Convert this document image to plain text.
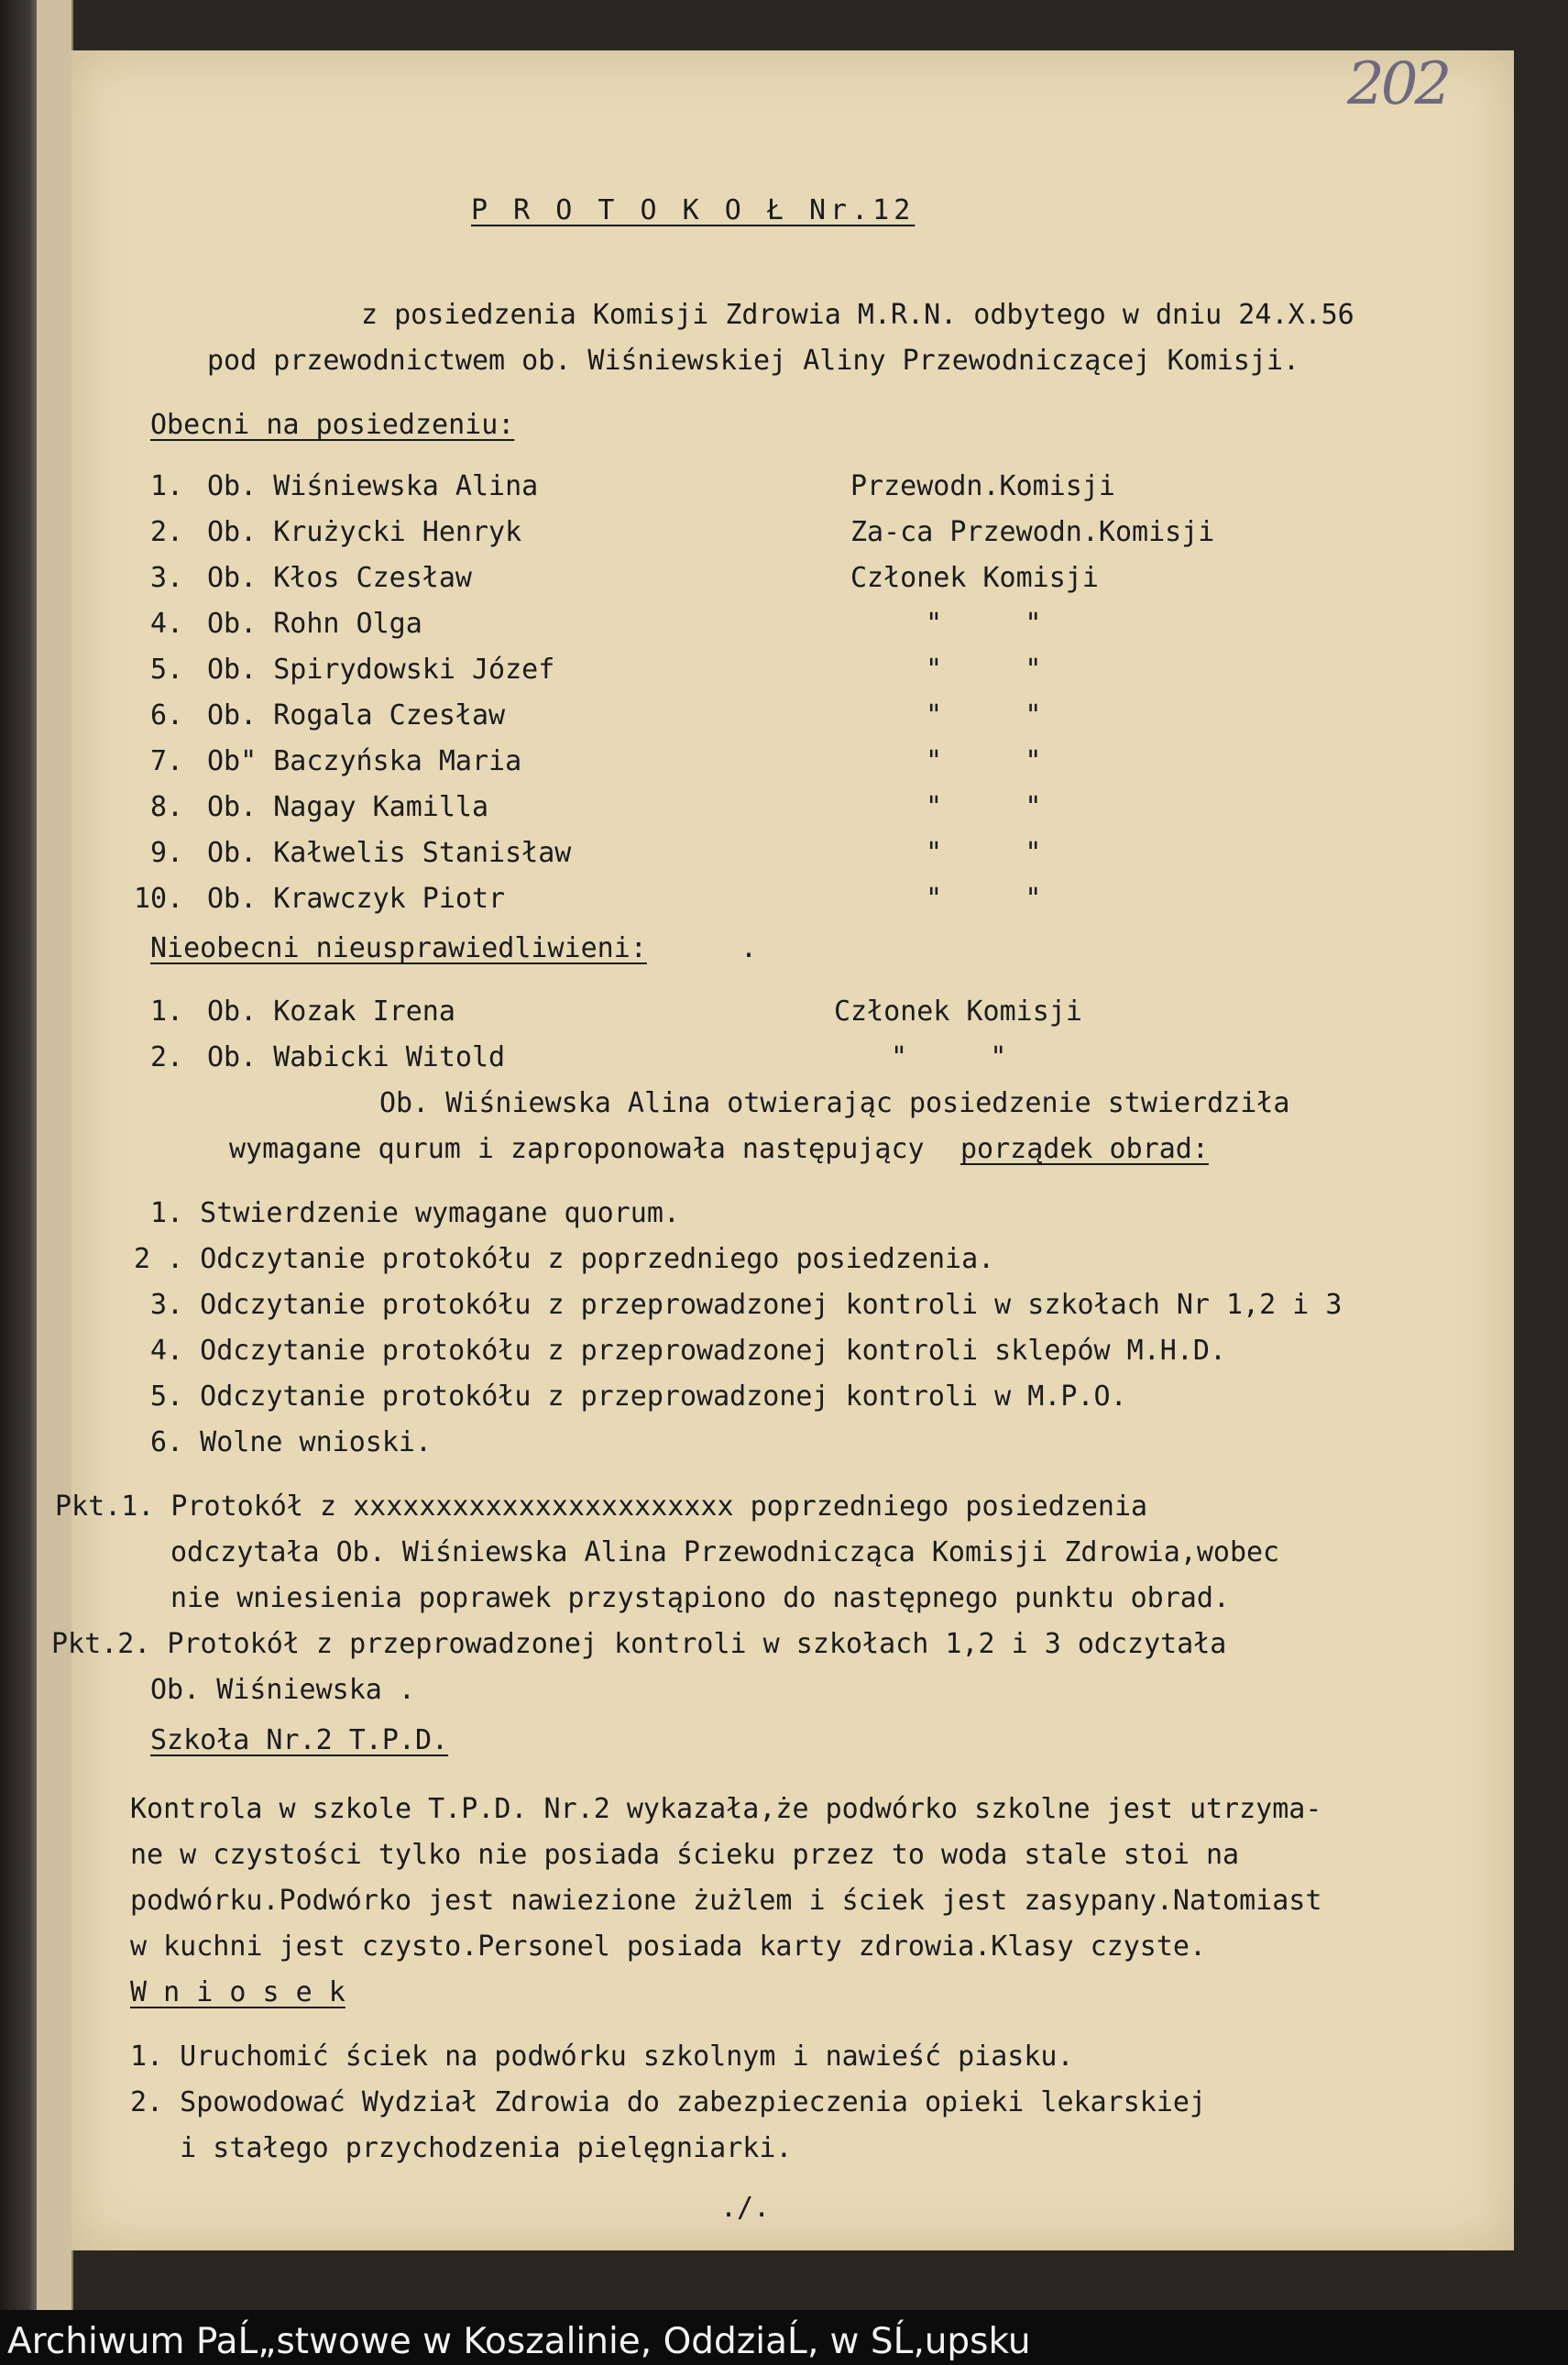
202
P R O T O K O Ł Nr.12
z posiedzenia Komisji Zdrowia M.R.N. odbytego w dniu 24.X.56
pod przewodnictwem ob. Wiśniewskiej Aliny Przewodniczącej Komisji.
Obecni na posiedzeniu:
1. Ob. Wiśniewska Alina	Przewodn.Komisji
2. Ob. Krużycki Henryk	Za-ca Przewodn.Komisji
3. Ob. Kłos Czesław	Członek Komisji
4. Ob. Rohn Olga	"     "
5. Ob. Spirydowski Józef	"     "
6. Ob. Rogala Czesław	"     "
7. Ob" Baczyńska Maria	"     "
8. Ob. Nagay Kamilla	"     "
9. Ob. Kałwelis Stanisław	"     "
10. Ob. Krawczyk Piotr	"     "
Nieobecni nieusprawiedliwieni:	.
1. Ob. Kozak Irena	Członek Komisji
2. Ob. Wabicki Witold	"     "
Ob. Wiśniewska Alina otwierając posiedzenie stwierdziła
wymagane qurum i zaproponowała następujący porządek obrad:
1. Stwierdzenie wymagane quorum.
2 . Odczytanie protokółu z poprzedniego posiedzenia.
3. Odczytanie protokółu z przeprowadzonej kontroli w szkołach Nr 1,2 i 3
4. Odczytanie protokółu z przeprowadzonej kontroli sklepów M.H.D.
5. Odczytanie protokółu z przeprowadzonej kontroli w M.P.O.
6. Wolne wnioski.
Pkt.1. Protokół z xxxxxxxxxxxxxxxxxxxxxxx poprzedniego posiedzenia
odczytała Ob. Wiśniewska Alina Przewodnicząca Komisji Zdrowia,wobec
nie wniesienia poprawek przystąpiono do następnego punktu obrad.
Pkt.2. Protokół z przeprowadzonej kontroli w szkołach 1,2 i 3 odczytała
Ob. Wiśniewska .
Szkoła Nr.2 T.P.D.
Kontrola w szkole T.P.D. Nr.2 wykazała,że podwórko szkolne jest utrzyma-
ne w czystości tylko nie posiada ścieku przez to woda stale stoi na
podwórku.Podwórko jest nawiezione żużlem i ściek jest zasypany.Natomiast
w kuchni jest czysto.Personel posiada karty zdrowia.Klasy czyste.
W n i o s e k
1. Uruchomić ściek na podwórku szkolnym i nawieść piasku.
2. Spowodować Wydział Zdrowia do zabezpieczenia opieki lekarskiej
i stałego przychodzenia pielęgniarki.
./.
Archiwum PaĹ„stwowe w Koszalinie, OddziaĹ‚ w SĹ‚upsku
